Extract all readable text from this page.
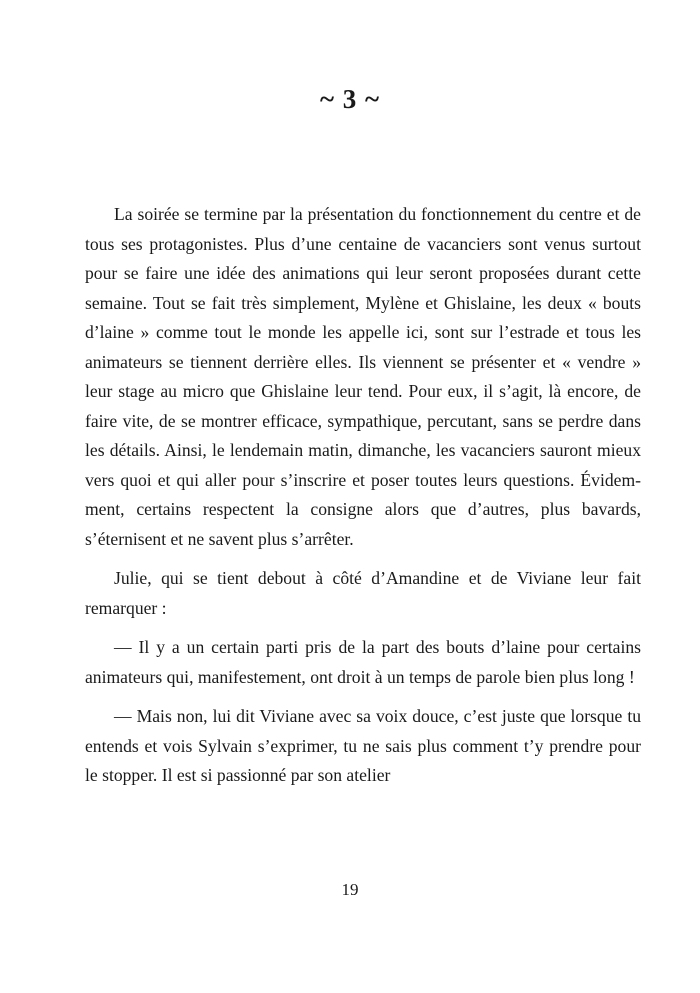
~ 3 ~

La soirée se termine par la présentation du fonctionnement du centre et de tous ses protagonistes. Plus d’une centaine de vacanciers sont venus surtout pour se faire une idée des animations qui leur seront proposées durant cette semaine. Tout se fait très simplement, Mylène et Ghislaine, les deux « bouts d’laine » comme tout le monde les appelle ici, sont sur l’estrade et tous les animateurs se tiennent derrière elles. Ils viennent se présenter et « vendre » leur stage au micro que Ghislaine leur tend. Pour eux, il s’agit, là encore, de faire vite, de se montrer efficace, sympathique, percutant, sans se perdre dans les détails. Ainsi, le lendemain matin, dimanche, les vacanciers sauront mieux vers quoi et qui aller pour s’inscrire et poser toutes leurs questions. Évidemment, certains respectent la consigne alors que d’autres, plus bavards, s’éternisent et ne savent plus s’arrêter.

Julie, qui se tient debout à côté d’Amandine et de Viviane leur fait remarquer :

— Il y a un certain parti pris de la part des bouts d’laine pour certains animateurs qui, manifestement, ont droit à un temps de parole bien plus long !

— Mais non, lui dit Viviane avec sa voix douce, c’est juste que lorsque tu entends et vois Sylvain s’exprimer, tu ne sais plus comment t’y prendre pour le stopper. Il est si passionné par son atelier

19
